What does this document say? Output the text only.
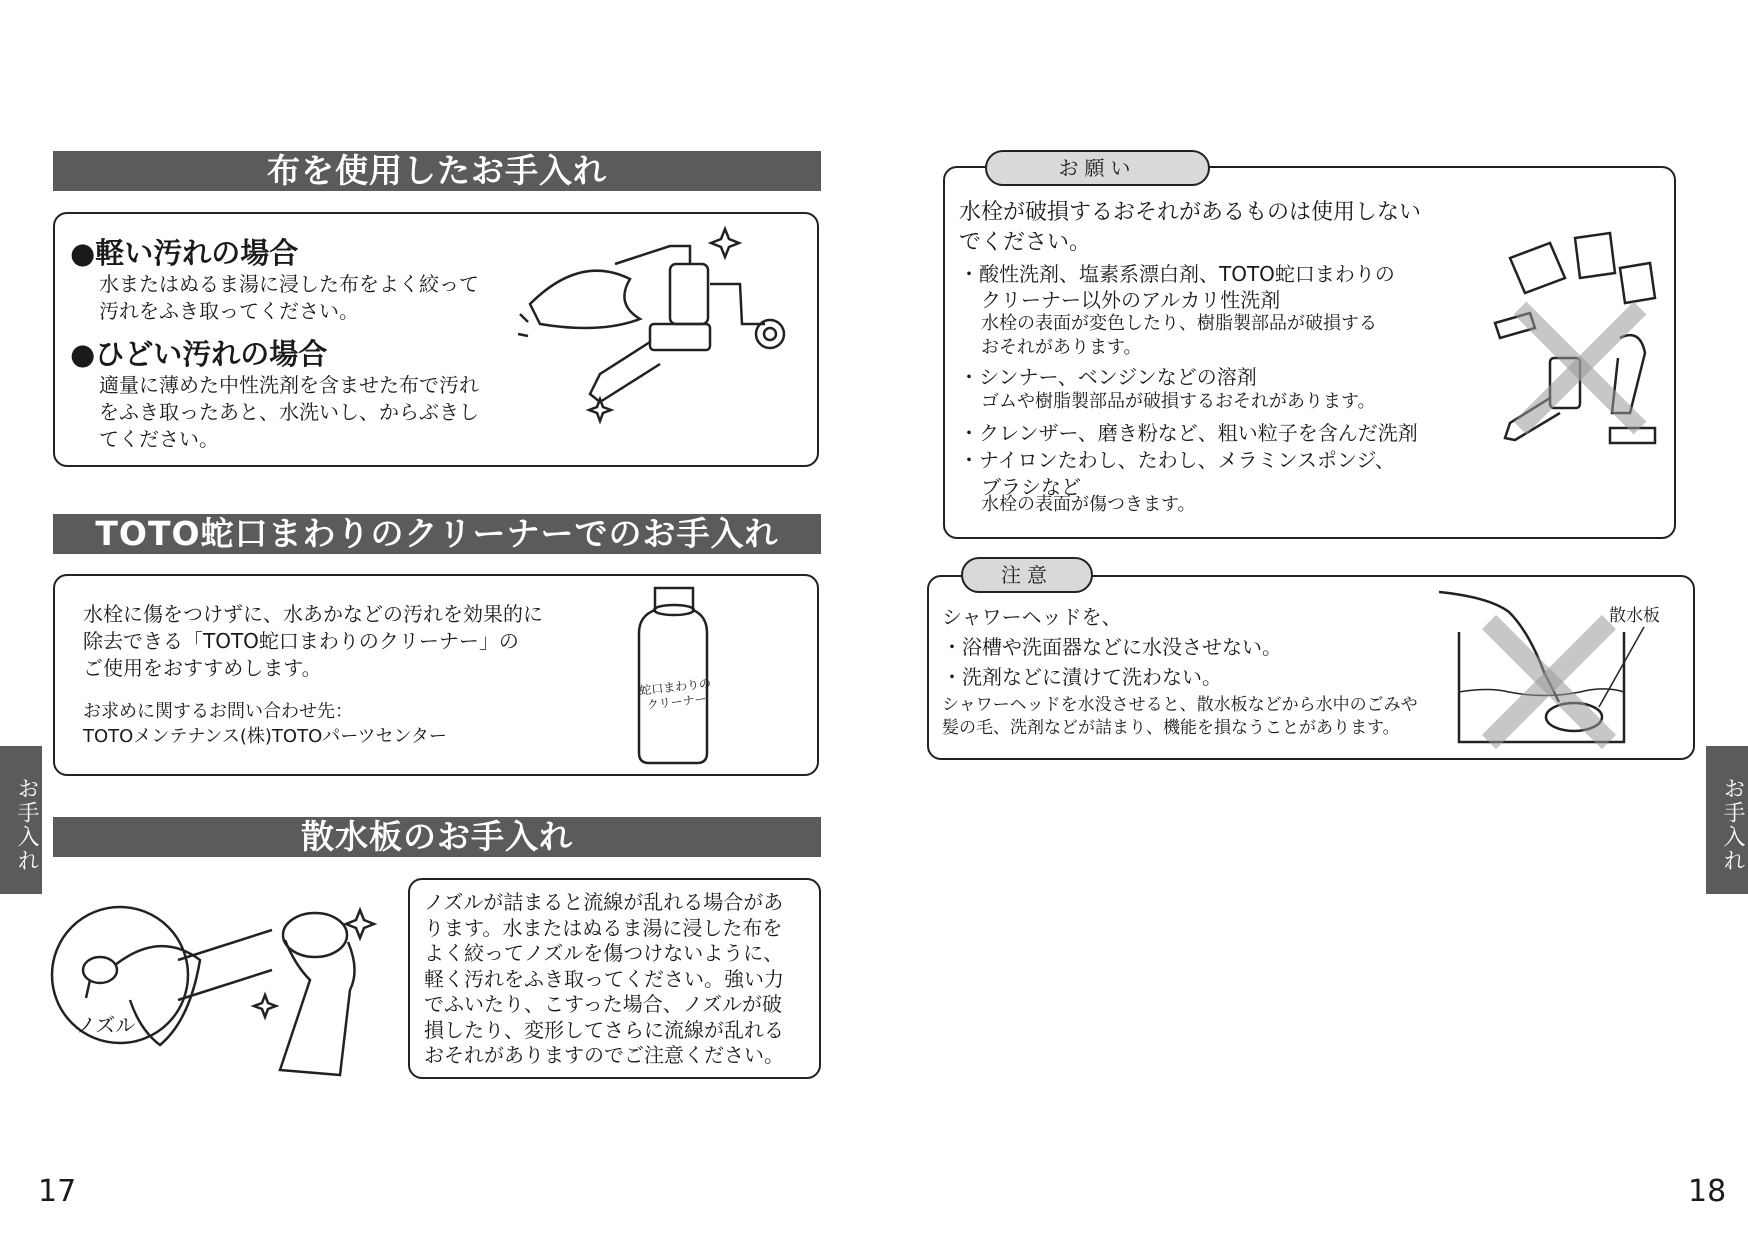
布を使用したお手入れ
●軽い汚れの場合
水またはぬるま湯に浸した布をよく絞って
汚れをふき取ってください。
●ひどい汚れの場合
適量に薄めた中性洗剤を含ませた布で汚れ
をふき取ったあと、水洗いし、からぶきし
てください。
TOTO蛇口まわりのクリーナーでのお手入れ
水栓に傷をつけずに、水あかなどの汚れを効果的に
除去できる「TOTO蛇口まわりのクリーナー」の
ご使用をおすすめします。
お求めに関するお問い合わせ先：
TOTOメンテナンス(株)TOTOパーツセンター
蛇口まわりの
クリーナー
散水板のお手入れ
ノズル
ノズルが詰まると流線が乱れる場合があ
ります。水またはぬるま湯に浸した布を
よく絞ってノズルを傷つけないように、
軽く汚れをふき取ってください。強い力
でふいたり、こすった場合、ノズルが破
損したり、変形してさらに流線が乱れる
おそれがありますのでご注意ください。
お手入れ
17
水栓が破損するおそれがあるものは使用しない
でください。
・酸性洗剤、塩素系漂白剤、TOTO蛇口まわりの
クリーナー以外のアルカリ性洗剤
水栓の表面が変色したり、樹脂製部品が破損する
おそれがあります。
・シンナー、ベンジンなどの溶剤
ゴムや樹脂製部品が破損するおそれがあります。
・クレンザー、磨き粉など、粗い粒子を含んだ洗剤
・ナイロンたわし、たわし、メラミンスポンジ、
ブラシなど
水栓の表面が傷つきます。
お願い
シャワーヘッドを、
・浴槽や洗面器などに水没させない。
・洗剤などに漬けて洗わない。
シャワーヘッドを水没させると、散水板などから水中のごみや
髪の毛、洗剤などが詰まり、機能を損なうことがあります。
散水板
注意
お手入れ
18
